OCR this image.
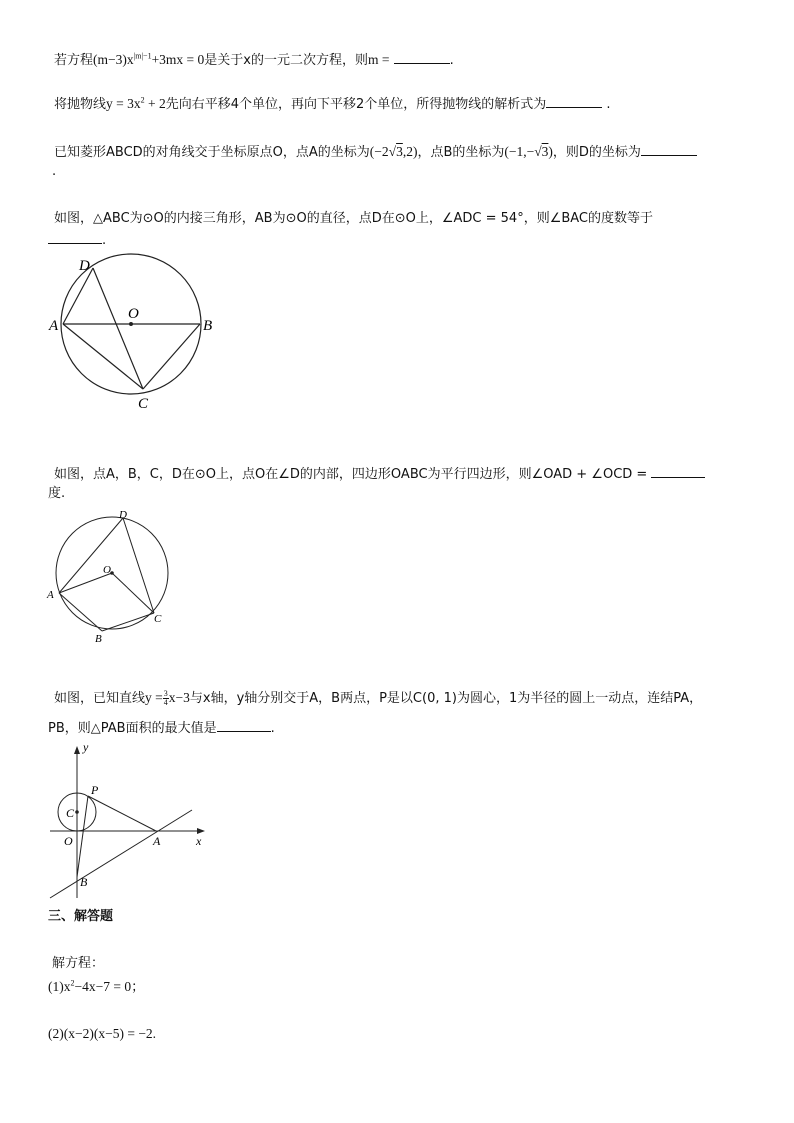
若方程$(m-3)x^{|m|-1}+3mx = 0$是关于x的一元二次方程，则m =	.
将抛物线$y = 3x^2 + 2$先向右平移4个单位，再向下平移2个单位，所得抛物线的解析式为	.
已知菱形ABCD的对角线交于坐标原点O，点A的坐标为(−2√3,2)，点B的坐标为(−1,−√3)，则D的坐标为
.
如图，△ABC为⊙O的内接三角形，AB为⊙O的直径，点D在⊙O上，∠ADC = 54°，则∠BAC的度数等于
.
D
O
A	B
C
如图，点A，B，C，D在⊙O上，点O在∠D的内部，四边形OABC为平行四边形，则∠OAD + ∠OCD =
度.
D
O
A
B
C
如图，已知直线$y = \frac{3}{4} x-3$与x轴，y轴分别交于A，B两点，P是以C(0, 1)为圆心，1为半径的圆上一动点，连结PA，
PB，则△PAB面积的最大值是	.
y
P
C
O	A	x
B
三、解答题
解方程：
$(1)x^2-4x-7 = 0$；
(2)(x−2)(x−5) = −2.
